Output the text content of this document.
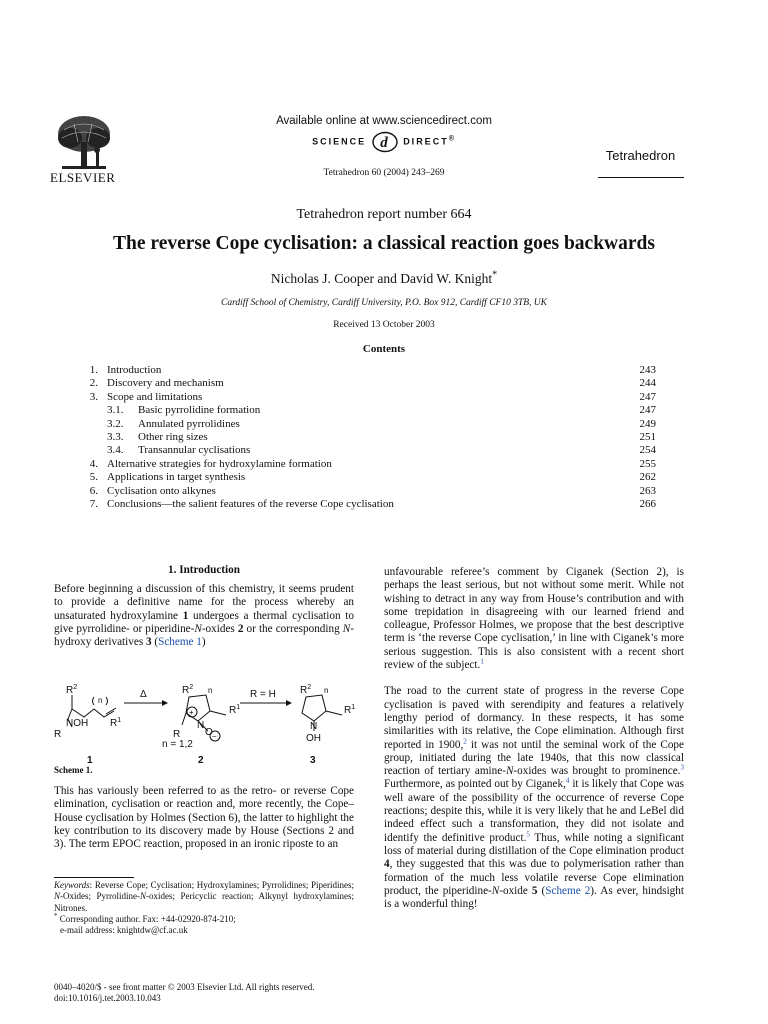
ELSEVIER
Available online at www.sciencedirect.com
SCIENCE d DIRECT®
Tetrahedron 60 (2004) 243–269
Tetrahedron
Tetrahedron report number 664
The reverse Cope cyclisation: a classical reaction goes backwards
Nicholas J. Cooper and David W. Knight*
Cardiff School of Chemistry, Cardiff University, P.O. Box 912, Cardiff CF10 3TB, UK
Received 13 October 2003
Contents
1. Introduction	243
2. Discovery and mechanism	244
3. Scope and limitations	247
3.1. Basic pyrrolidine formation	247
3.2. Annulated pyrrolidines	249
3.3. Other ring sizes	251
3.4. Transannular cyclisations	254
4. Alternative strategies for hydroxylamine formation	255
5. Applications in target synthesis	262
6. Cyclisation onto alkynes	263
7. Conclusions—the salient features of the reverse Cope cyclisation	266
1. Introduction

Before beginning a discussion of this chemistry, it seems prudent to provide a definitive name for the process whereby an unsaturated hydroxylamine 1 undergoes a thermal cyclisation to give pyrrolidine- or piperidine-N-oxides 2 or the corresponding N-hydroxy derivatives 3 (Scheme 1)

$R^2$
n
NOH $R^1$
R
1
Δ	$R^2$ n
+	$R^1$
R
N
O −
n = 1,2
2
R = H $R^2$ n
$R^1$
N
OH
3
Scheme 1.

This has variously been referred to as the retro- or reverse Cope elimination, cyclisation or reaction and, more recently, the Cope–House cyclisation by Holmes (Section 6), the latter to highlight the key contribution to its discovery made by House (Sections 2 and 3). The term EPOC reaction, proposed in an ironic riposte to an

Keywords: Reverse Cope; Cyclisation; Hydroxylamines; Pyrrolidines; Piperidines; N-Oxides; Pyrrolidine-N-oxides; Pericyclic reaction; Alkynyl hydroxylamines; Nitrones.

* Corresponding author. Fax: +44-02920-874-210;

e-mail address: knightdw@cf.ac.uk

0040–4020/$ - see front matter © 2003 Elsevier Ltd. All rights reserved.
doi:10.1016/j.tet.2003.10.043

unfavourable referee’s comment by Ciganek (Section 2), is perhaps the least serious, but not without some merit. While not wishing to detract in any way from House’s contribution and with some trepidation in disagreeing with our learned friend and colleague, Professor Holmes, we propose that the best descriptive term is ‘the reverse Cope cyclisation,’ in line with Ciganek’s more serious suggestion. This is also consistent with a recent short review of the subject.$^1$

The road to the current state of progress in the reverse Cope cyclisation is paved with serendipity and features a relatively lengthy period of dormancy. In these respects, it has some similarities with its relative, the Cope elimination. Although first reported in 1900,$^2$ it was not until the seminal work of the Cope group, initiated during the late 1940s, that this now classical reaction of tertiary amine-N-oxides was brought to prominence.$^3$ Furthermore, as pointed out by Ciganek,$^4$ it is likely that Cope was well aware of the possibility of the occurrence of reverse Cope reactions; despite this, while it is very likely that he and LeBel did indeed effect such a transformation, they did not isolate and identify the definitive product.$^5$ Thus, while noting a significant loss of material during distillation of the Cope elimination product 4, they suggested that this was due to polymerisation rather than formation of the much less volatile reverse Cope elimination product, the piperidine-N-oxide 5 (Scheme 2). As ever, hindsight is a wonderful thing!
